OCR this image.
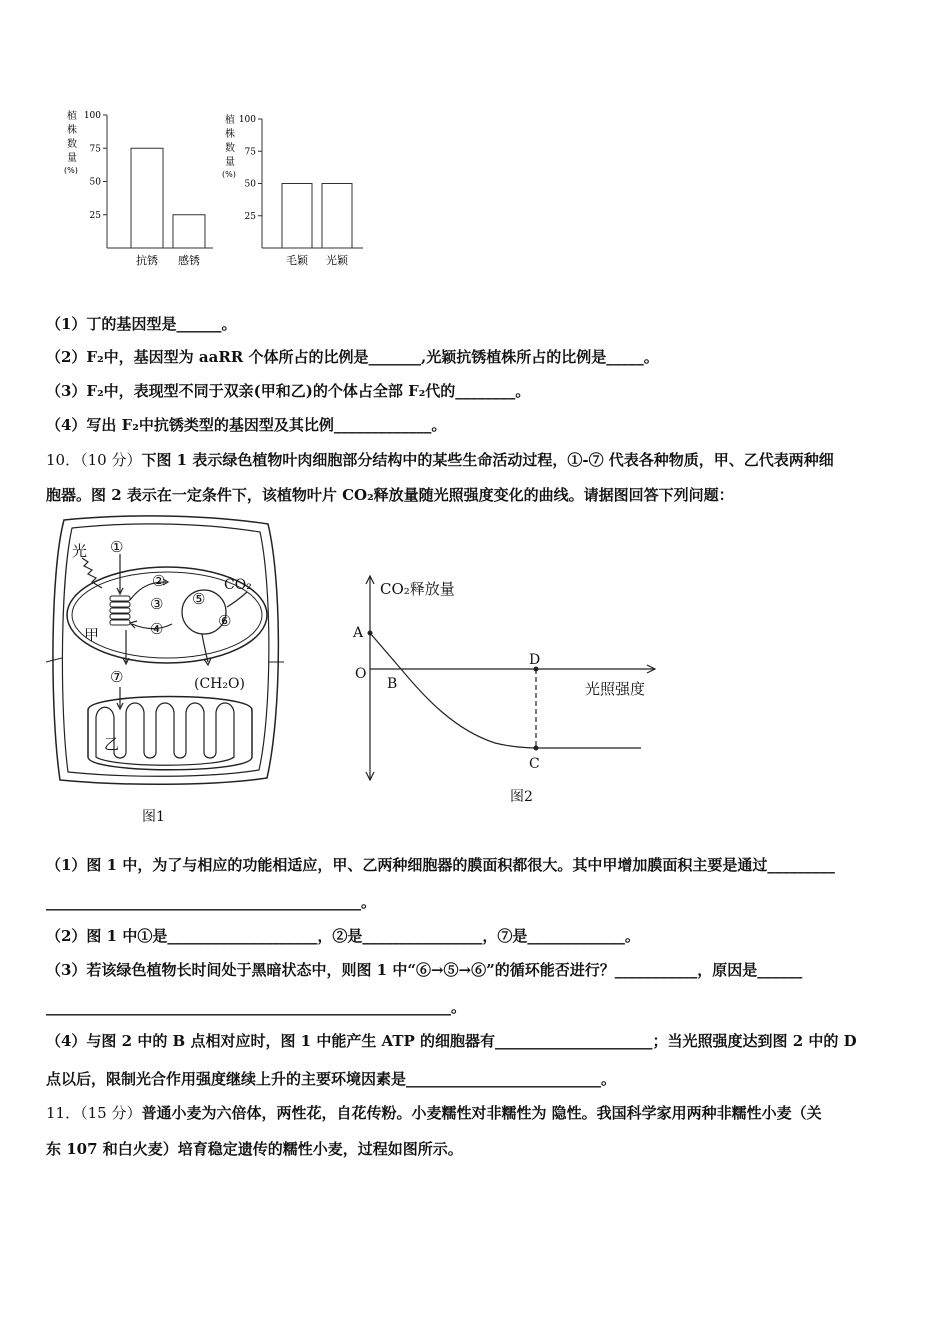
植
株
数
量
(%)
100
75
50
25
抗锈 感锈
植
株
数
量
(%)
100
75
50
25
毛颖 光颖
（1）丁的基因型是______。
（2）F₂中，基因型为 aaRR 个体所占的比例是_______,光颖抗锈植株所占的比例是_____。
（3）F₂中，表现型不同于双亲(甲和乙)的个体占全部 F₂代的________。
（4）写出 F₂中抗锈类型的基因型及其比例_____________。
10．（10 分）下图 1 表示绿色植物叶肉细胞部分结构中的某些生命活动过程，①-⑦ 代表各种物质，甲、乙代表两种细
胞器。图 2 表示在一定条件下，该植物叶片 CO₂释放量随光照强度变化的曲线。请据图回答下列问题：
光 ①
②
③
④
⑤
⑥
⑦
CO₂
(CH₂O)
甲
乙
图1
CO₂释放量
光照强度
A
O
B
D
C
图2
（1）图 1 中，为了与相应的功能相适应，甲、乙两种细胞器的膜面积都很大。其中甲增加膜面积主要是通过_________
__________________________________________。
（2）图 1 中①是____________________，②是________________，⑦是_____________。
（3）若该绿色植物长时间处于黑暗状态中，则图 1 中“⑥→⑤→⑥”的循环能否进行？___________，原因是______
______________________________________________________。
（4）与图 2 中的 B 点相对应时，图 1 中能产生 ATP 的细胞器有_____________________；当光照强度达到图 2 中的 D
点以后，限制光合作用强度继续上升的主要环境因素是__________________________。
11．（15 分）普通小麦为六倍体，两性花，自花传粉。小麦糯性对非糯性为 隐性。我国科学家用两种非糯性小麦（关
东 107 和白火麦）培育稳定遗传的糯性小麦，过程如图所示。
